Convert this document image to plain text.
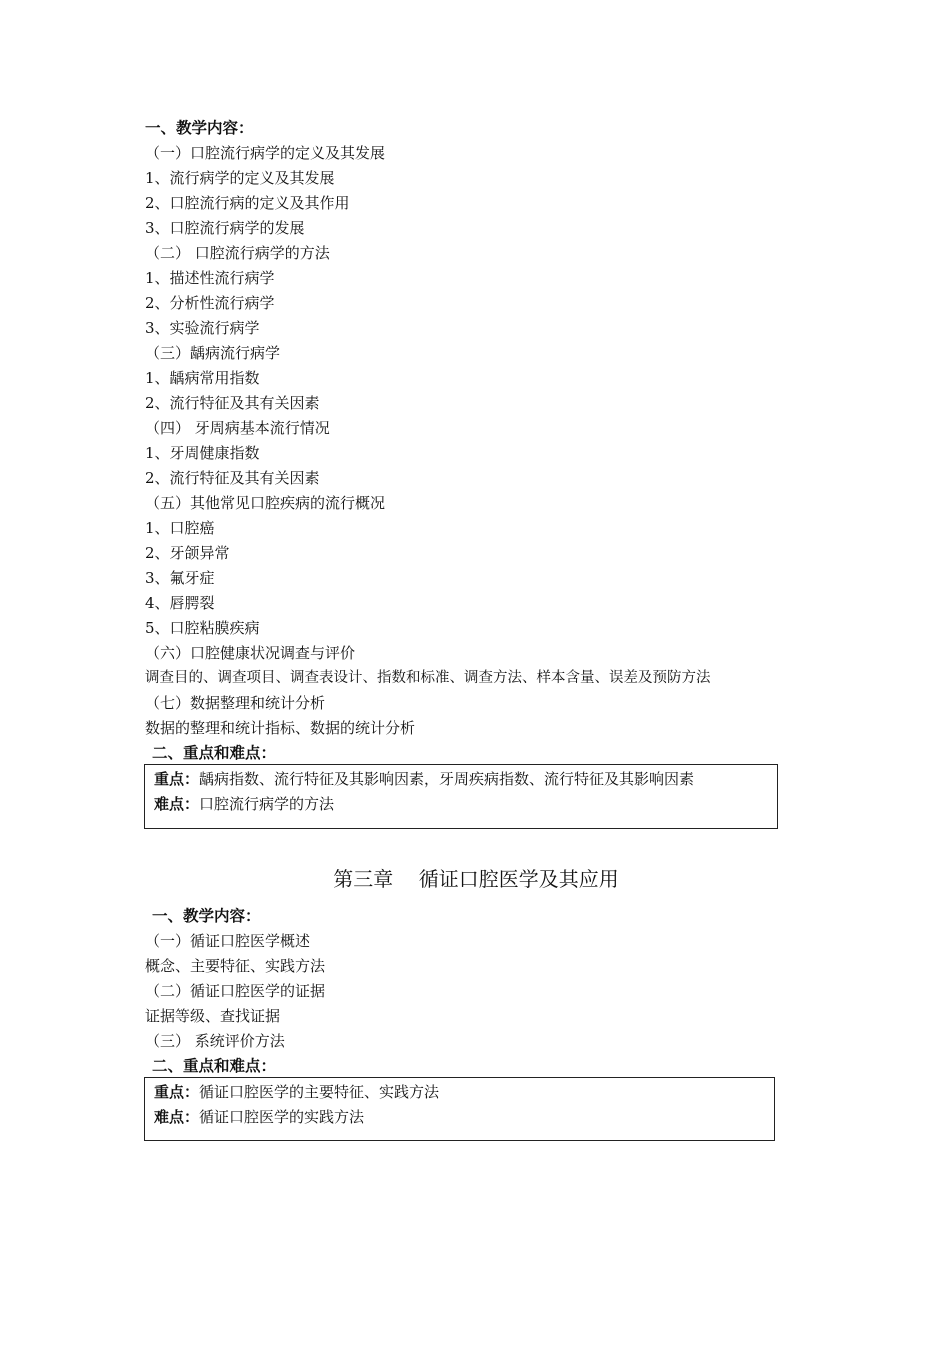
一、教学内容：
（一）口腔流行病学的定义及其发展
1、流行病学的定义及其发展
2、口腔流行病的定义及其作用
3、口腔流行病学的发展
（二） 口腔流行病学的方法
1、描述性流行病学
2、分析性流行病学
3、实验流行病学
（三）龋病流行病学
1、龋病常用指数
2、流行特征及其有关因素
（四） 牙周病基本流行情况
1、牙周健康指数
2、流行特征及其有关因素
（五）其他常见口腔疾病的流行概况
1、口腔癌
2、牙颌异常
3、氟牙症
4、唇腭裂
5、口腔粘膜疾病
（六）口腔健康状况调查与评价
调查目的、调查项目、调查表设计、指数和标准、调查方法、样本含量、误差及预防方法
（七）数据整理和统计分析
数据的整理和统计指标、数据的统计分析
二、重点和难点：
重点：龋病指数、流行特征及其影响因素，牙周疾病指数、流行特征及其影响因素
难点：口腔流行病学的方法
第三章    循证口腔医学及其应用
一、教学内容：
（一）循证口腔医学概述
概念、主要特征、实践方法
（二）循证口腔医学的证据
证据等级、查找证据
（三） 系统评价方法
二、重点和难点：
重点：循证口腔医学的主要特征、实践方法
难点：循证口腔医学的实践方法
